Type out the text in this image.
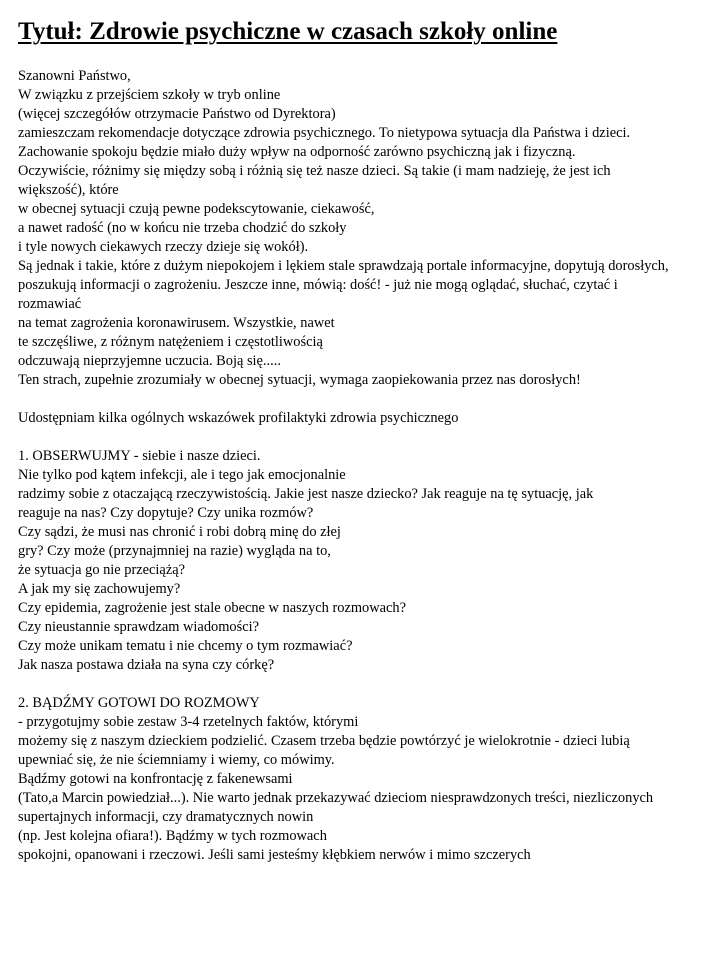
Tytuł: Zdrowie psychiczne w czasach szkoły online
Szanowni Państwo,
W związku z przejściem szkoły w tryb online
(więcej szczegółów otrzymacie Państwo od Dyrektora)
zamieszczam rekomendacje dotyczące zdrowia psychicznego. To nietypowa sytuacja dla Państwa i dzieci.
Zachowanie spokoju będzie miało duży wpływ na odporność zarówno psychiczną jak i fizyczną.
Oczywiście, różnimy się między sobą i różnią się też nasze dzieci. Są takie (i mam nadzieję, że jest ich
większość), które
w obecnej sytuacji czują pewne podekscytowanie, ciekawość,
a nawet radość (no w końcu nie trzeba chodzić do szkoły
i tyle nowych ciekawych rzeczy dzieje się wokół).
Są jednak i takie, które z dużym niepokojem i lękiem stale sprawdzają portale informacyjne, dopytują dorosłych,
poszukują informacji o zagrożeniu. Jeszcze inne, mówią: dość! - już nie mogą oglądać, słuchać, czytać i
rozmawiać
na temat zagrożenia koronawirusem. Wszystkie, nawet
te szczęśliwe, z różnym natężeniem i częstotliwością
odczuwają nieprzyjemne uczucia. Boją się.....
Ten strach, zupełnie zrozumiały w obecnej sytuacji, wymaga zaopiekowania przez nas dorosłych!
Udostępniam kilka ogólnych wskazówek profilaktyki zdrowia psychicznego
1. OBSERWUJMY - siebie i nasze dzieci.
Nie tylko pod kątem infekcji, ale i tego jak emocjonalnie
radzimy sobie z otaczającą rzeczywistością. Jakie jest nasze dziecko? Jak reaguje na tę sytuację, jak
reaguje na nas? Czy dopytuje? Czy unika rozmów?
Czy sądzi, że musi nas chronić i robi dobrą minę do złej
gry? Czy może (przynajmniej na razie) wygląda na to,
że sytuacja go nie przeciążą?
A jak my się zachowujemy?
Czy epidemia, zagrożenie jest stale obecne w naszych rozmowach?
Czy nieustannie sprawdzam wiadomości?
Czy może unikam tematu i nie chcemy o tym rozmawiać?
Jak nasza postawa działa na syna czy córkę?
2. BĄDŹMY GOTOWI DO ROZMOWY
- przygotujmy sobie zestaw 3-4 rzetelnych faktów, którymi
możemy się z naszym dzieckiem podzielić. Czasem trzeba będzie powtórzyć je wielokrotnie - dzieci lubią
upewniać się, że nie ściemniamy i wiemy, co mówimy.
Bądźmy gotowi na konfrontację z fakenewsami
(Tato,a Marcin powiedział...). Nie warto jednak przekazywać dzieciom niesprawdzonych treści, niezliczonych
supertajnych informacji, czy dramatycznych nowin
(np. Jest kolejna ofiara!). Bądźmy w tych rozmowach
spokojni, opanowani i rzeczowi. Jeśli sami jesteśmy kłębkiem nerwów i mimo szczerych
